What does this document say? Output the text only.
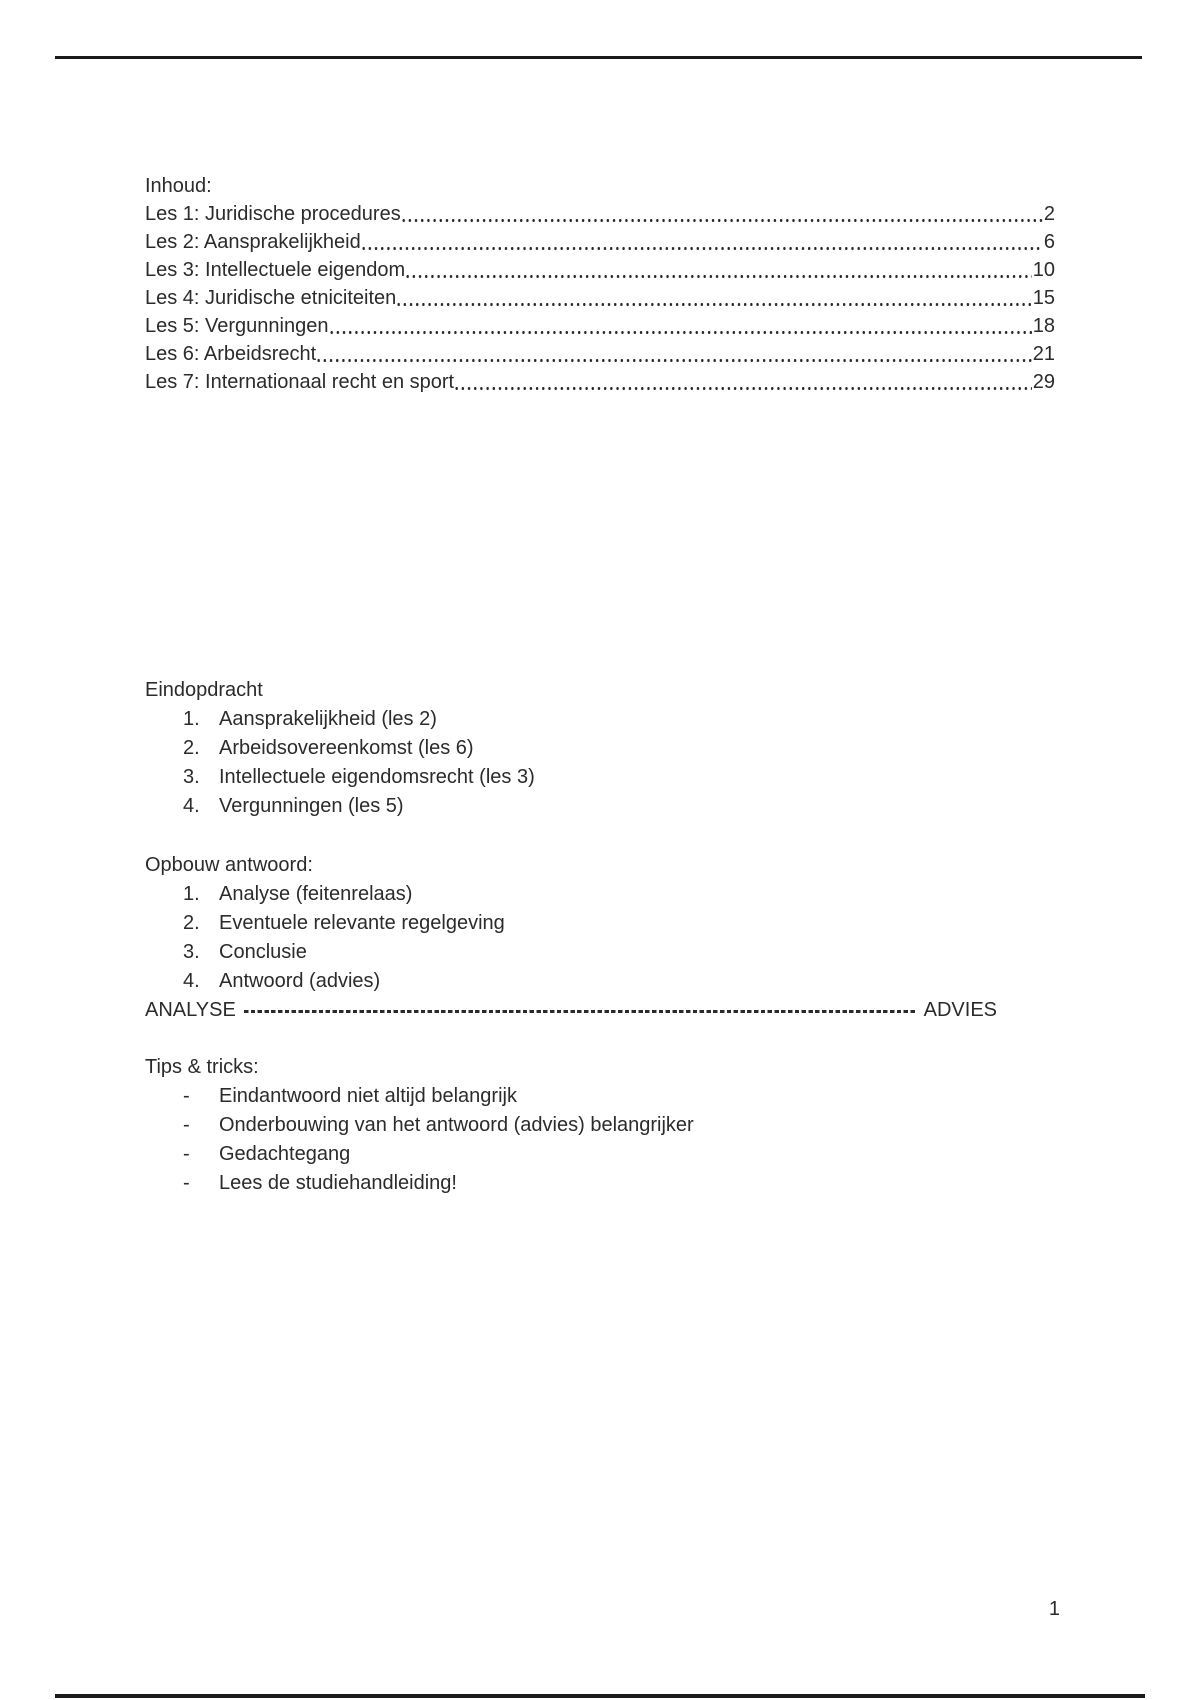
Inhoud:
Les 1: Juridische procedures	2
Les 2: Aansprakelijkheid	6
Les 3: Intellectuele eigendom	10
Les 4: Juridische etniciteiten	15
Les 5: Vergunningen	18
Les 6: Arbeidsrecht	21
Les 7: Internationaal recht en sport	29
Eindopdracht
1. Aansprakelijkheid (les 2)
2. Arbeidsovereenkomst (les 6)
3. Intellectuele eigendomsrecht (les 3)
4. Vergunningen (les 5)
Opbouw antwoord:
1. Analyse (feitenrelaas)
2. Eventuele relevante regelgeving
3. Conclusie
4. Antwoord (advies)
ANALYSE	ADVIES
Tips & tricks:
-	Eindantwoord niet altijd belangrijk
-	Onderbouwing van het antwoord (advies) belangrijker
-	Gedachtegang
-	Lees de studiehandleiding!
1
